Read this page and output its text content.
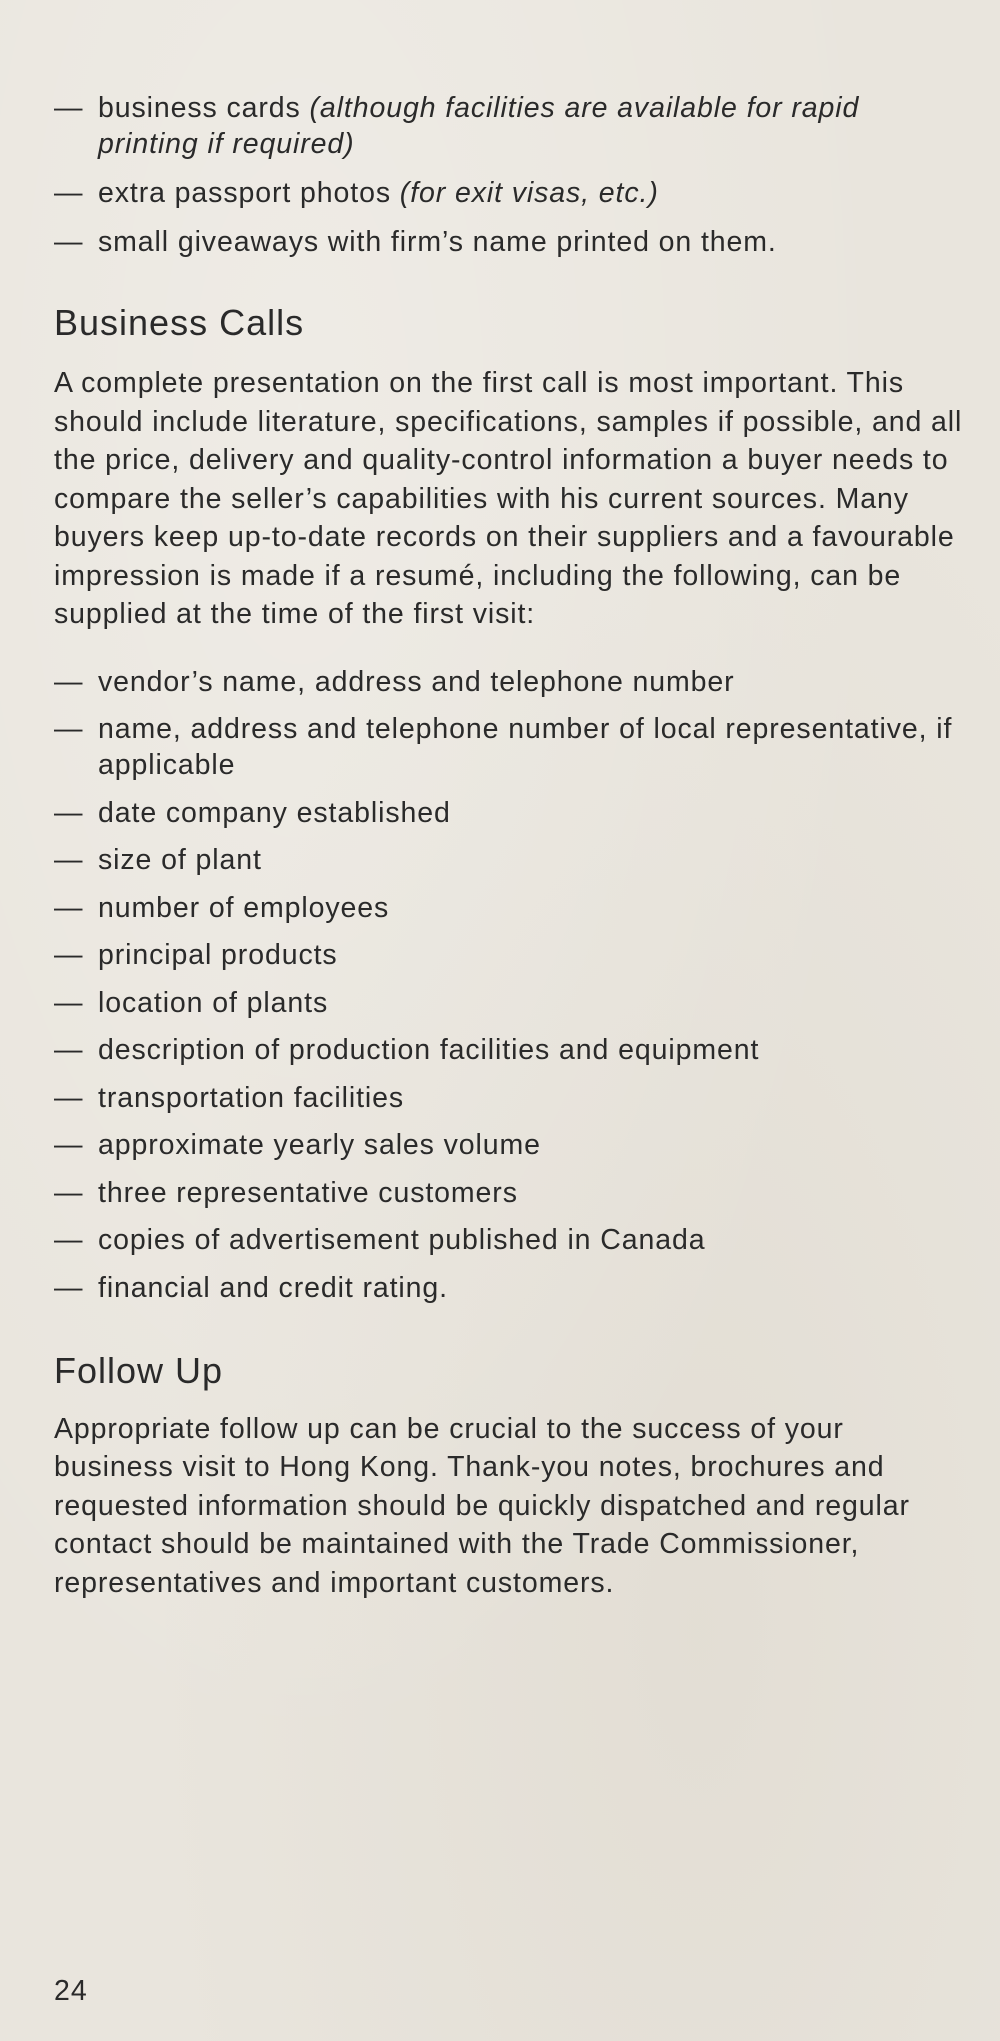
— business cards (although facilities are available for rapid printing if required)
— extra passport photos (for exit visas, etc.)
— small giveaways with firm’s name printed on them.
Business Calls

A complete presentation on the first call is most important. This should include literature, specifications, samples if possible, and all the price, delivery and quality-control information a buyer needs to compare the seller’s capabilities with his current sources. Many buyers keep up-to-date records on their suppliers and a favourable impression is made if a resumé, including the following, can be supplied at the time of the first visit:

— vendor’s name, address and telephone number
— name, address and telephone number of local representative, if applicable
— date company established
— size of plant
— number of employees
— principal products
— location of plants
— description of production facilities and equipment
— transportation facilities
— approximate yearly sales volume
— three representative customers
— copies of advertisement published in Canada
— financial and credit rating.
Follow Up

Appropriate follow up can be crucial to the success of your business visit to Hong Kong. Thank-you notes, brochures and requested information should be quickly dispatched and regular contact should be maintained with the Trade Commissioner, representatives and important customers.

24
